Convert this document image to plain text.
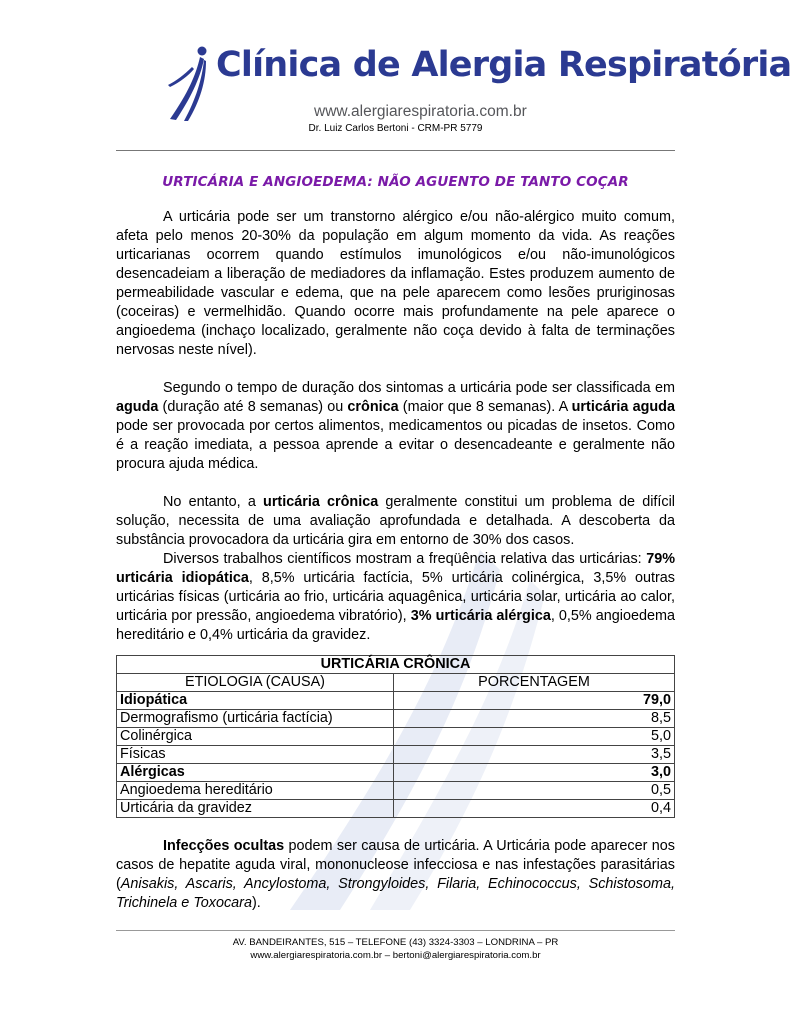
Clínica de Alergia Respiratória
www.alergiarespiratoria.com.br
Dr. Luiz Carlos Bertoni - CRM-PR 5779
URTICÁRIA E ANGIOEDEMA: NÃO AGUENTO DE TANTO COÇAR

A urticária pode ser um transtorno alérgico e/ou não-alérgico muito comum, afeta pelo menos 20-30% da população em algum momento da vida. As reações urticarianas ocorrem quando estímulos imunológicos e/ou não-imunológicos desencadeiam a liberação de mediadores da inflamação. Estes produzem aumento de permeabilidade vascular e edema, que na pele aparecem como lesões pruriginosas (coceiras) e vermelhidão. Quando ocorre mais profundamente na pele aparece o angioedema (inchaço localizado, geralmente não coça devido à falta de terminações nervosas neste nível).

Segundo o tempo de duração dos sintomas a urticária pode ser classificada em aguda (duração até 8 semanas) ou crônica (maior que 8 semanas). A urticária aguda pode ser provocada por certos alimentos, medicamentos ou picadas de insetos. Como é a reação imediata, a pessoa aprende a evitar o desencadeante e geralmente não procura ajuda médica.

No entanto, a urticária crônica geralmente constitui um problema de difícil solução, necessita de uma avaliação aprofundada e detalhada. A descoberta da substância provocadora da urticária gira em entorno de 30% dos casos.

Diversos trabalhos científicos mostram a freqüência relativa das urticárias: 79% urticária idiopática, 8,5% urticária factícia, 5% urticária colinérgica, 3,5% outras urticárias físicas (urticária ao frio, urticária aquagênica, urticária solar, urticária ao calor, urticária por pressão, angioedema vibratório), 3% urticária alérgica, 0,5% angioedema hereditário e 0,4% urticária da gravidez.

URTICÁRIA CRÔNICA	
ETIOLOGIA (CAUSA)	PORCENTAGEM
Idiopática	79,0
Dermografismo (urticária factícia)	8,5
Colinérgica	5,0
Físicas	3,5
Alérgicas	3,0
Angioedema hereditário	0,5
Urticária da gravidez	0,4

Infecções ocultas podem ser causa de urticária. A Urticária pode aparecer nos casos de hepatite aguda viral, mononucleose infecciosa e nas infestações parasitárias (Anisakis, Ascaris, Ancylostoma, Strongyloides, Filaria, Echinococcus, Schistosoma, Trichinela e Toxocara).

AV. BANDEIRANTES, 515 – TELEFONE (43) 3324-3303 – LONDRINA – PR
www.alergiarespiratoria.com.br – bertoni@alergiarespiratoria.com.br
